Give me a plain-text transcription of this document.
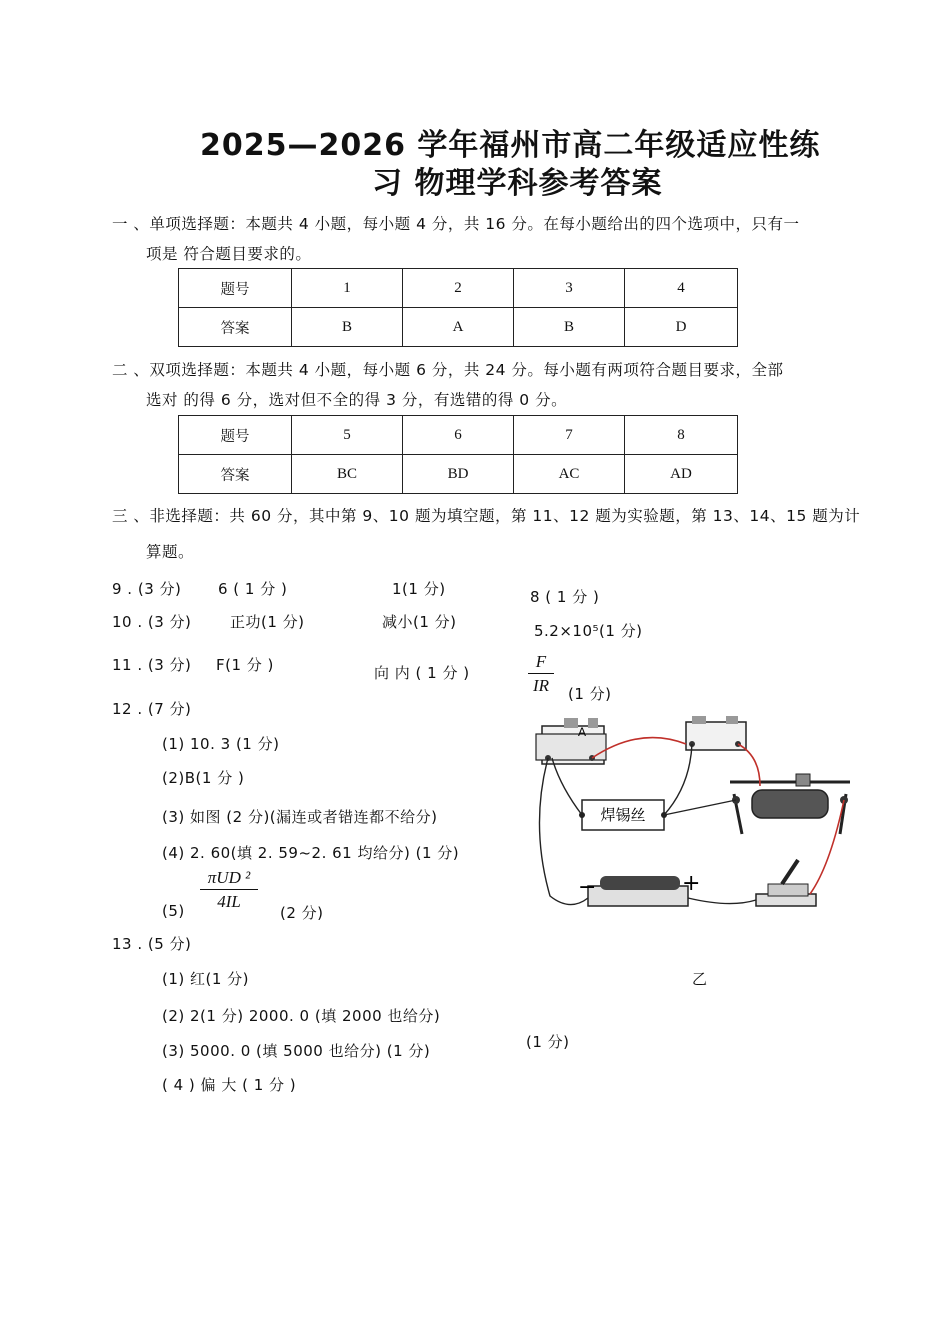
2025—2026 学年福州市高二年级适应性练
习 物理学科参考答案
一 、单项选择题：本题共 4 小题，每小题 4 分，共 16 分。在每小题给出的四个选项中，只有一
项是 符合题目要求的。
题号	1	2	3	4
答案	B	A	B	D
二 、双项选择题：本题共 4 小题，每小题 6 分，共 24 分。每小题有两项符合题目要求，全部
选对 的得 6 分，选对但不全的得 3 分，有选错的得 0 分。
题号	5	6	7	8
答案	BC	BD	AC	AD
三 、非选择题：共 60 分，其中第 9、10 题为填空题，第 11、12 题为实验题，第 13、14、15 题为计
算题。
9 . (3 分) 6 ( 1 分 )	1(1 分)	8 ( 1 分 )
10 . (3 分)	正功(1 分)	减小(1 分)	5.2×10⁵(1 分)
11 . (3 分) F(1 分 )	向 内 ( 1 分 )
F
IR	(1 分)
12 . (7 分)
(1) 10. 3 (1 分)
(2)B(1 分 )
(3) 如图 (2 分)(漏连或者错连都不给分)
(4) 2. 60(填 2. 59~2. 61 均给分) (1 分)
(5)
πUD ²
4IL
(2 分)
13 . (5 分)
(1) 红(1 分)
(2) 2(1 分) 2000. 0 (填 2000 也给分)
(1 分)
(3) 5000. 0 (填 5000 也给分) (1 分)
( 4 ) 偏 大 ( 1 分 )
A
焊锡丝
−	+
乙
